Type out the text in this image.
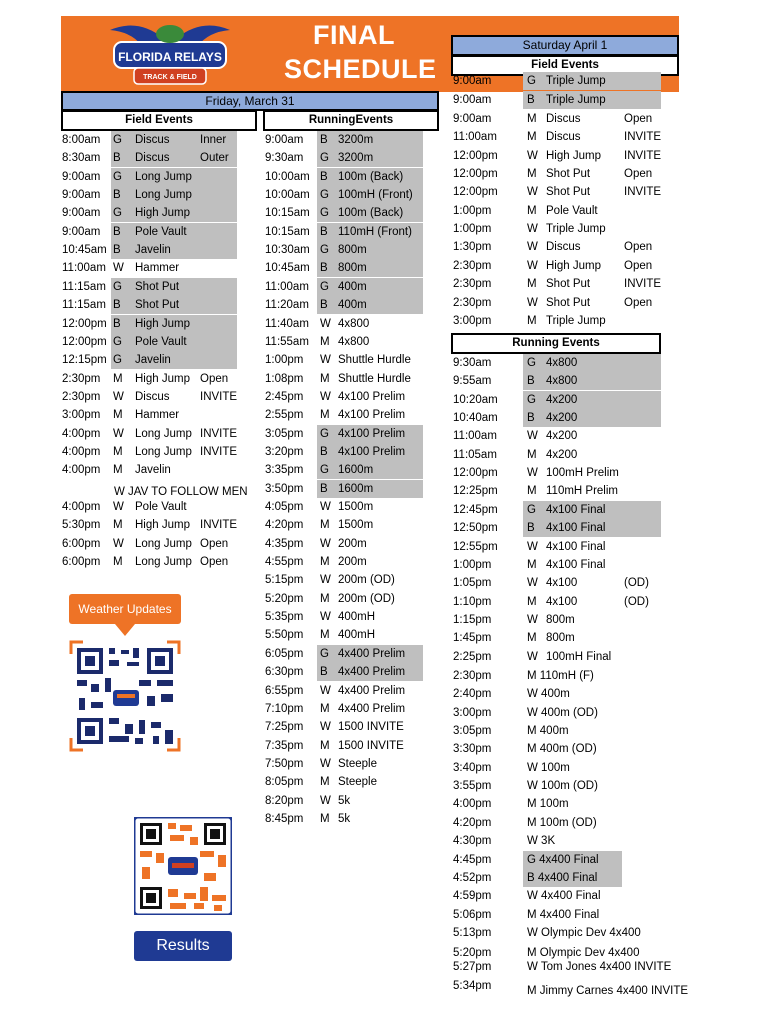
FLORIDA RELAYS
TRACK & FIELD
FINAL
SCHEDULE
Friday, March 31
Field Events	RunningEvents
8:00am G Discus	Inner
8:30am B Discus	Outer
9:00am G Long Jump
9:00am B Long Jump
9:00am G High Jump
9:00am B Pole Vault
10:45am B Javelin
11:00am W Hammer
11:15am G Shot Put
11:15am B Shot Put
12:00pm B High Jump
12:00pm G Pole Vault
12:15pm G Javelin
2:30pm M High Jump Open
2:30pm W Discus	INVITE
3:00pm M Hammer
4:00pm W Long Jump INVITE
4:00pm M Long Jump INVITE
4:00pm M Javelin
4:00pm W Pole Vault
5:30pm M High Jump INVITE
6:00pm W Long Jump Open
6:00pm M Long Jump Open
W JAV TO FOLLOW MEN
9:00am B 3200m
9:30am G 3200m
10:00am B 100m (Back)
10:00am G 100mH (Front)
10:15am G 100m (Back)
10:15am B 110mH (Front)
10:30am G 800m
10:45am B 800m
11:00am G 400m
11:20am B 400m
11:40am W 4x800
11:55am M 4x800
1:00pm W Shuttle Hurdle
1:08pm M Shuttle Hurdle
2:45pm W 4x100 Prelim
2:55pm M 4x100 Prelim
3:05pm G 4x100 Prelim
3:20pm B 4x100 Prelim
3:35pm G 1600m
3:50pm B 1600m
4:05pm W 1500m
4:20pm M 1500m
4:35pm W 200m
4:55pm M 200m
5:15pm W 200m (OD)
5:20pm M 200m (OD)
5:35pm W 400mH
5:50pm M 400mH
6:05pm G 4x400 Prelim
6:30pm B 4x400 Prelim
6:55pm W 4x400 Prelim
7:10pm M 4x400 Prelim
7:25pm W 1500 INVITE
7:35pm M 1500 INVITE
7:50pm W Steeple
8:05pm M Steeple
8:20pm W 5k
8:45pm M 5k
Saturday April 1
Field Events
9:00am	G Triple Jump
9:00am	B Triple Jump
9:00am	M Discus	Open
11:00am	M Discus	INVITE
12:00pm	W High Jump INVITE
12:00pm	M Shot Put	Open
12:00pm	W Shot Put	INVITE
1:00pm	M Pole Vault
1:00pm	W Triple Jump
1:30pm	W Discus	Open
2:30pm	W High Jump Open
2:30pm	M Shot Put	INVITE
2:30pm	W Shot Put	Open
3:00pm	M Triple Jump
Running Events
9:30am	G 4x800
9:55am	B 4x800
10:20am	G 4x200
10:40am	B 4x200
11:00am	W 4x200
11:05am	M 4x200
12:00pm	W 100mH Prelim
12:25pm	M 110mH Prelim
12:45pm	G 4x100 Final
12:50pm	B 4x100 Final
12:55pm	W 4x100 Final
1:00pm	M 4x100 Final
1:05pm	W 4x100	(OD)
1:10pm	M 4x100	(OD)
1:15pm	W 800m
1:45pm	M 800m
2:25pm	W 100mH Final
2:30pm	M 110mH (F)
2:40pm	W 400m
3:00pm	W 400m (OD)
3:05pm	M 400m
3:30pm	M 400m (OD)
3:40pm	W 100m
3:55pm	W 100m (OD)
4:00pm	M 100m
4:20pm	M 100m (OD)
4:30pm	W 3K
4:45pm	G 4x400 Final
4:52pm	B 4x400 Final
4:59pm	W 4x400 Final
5:06pm	M 4x400 Final
5:13pm	W Olympic Dev 4x400
5:20pm	M Olympic Dev 4x400
5:27pm	W Tom Jones 4x400 INVITE
5:34pm	M Jimmy Carnes 4x400 INVITE
Weather Updates
Results
